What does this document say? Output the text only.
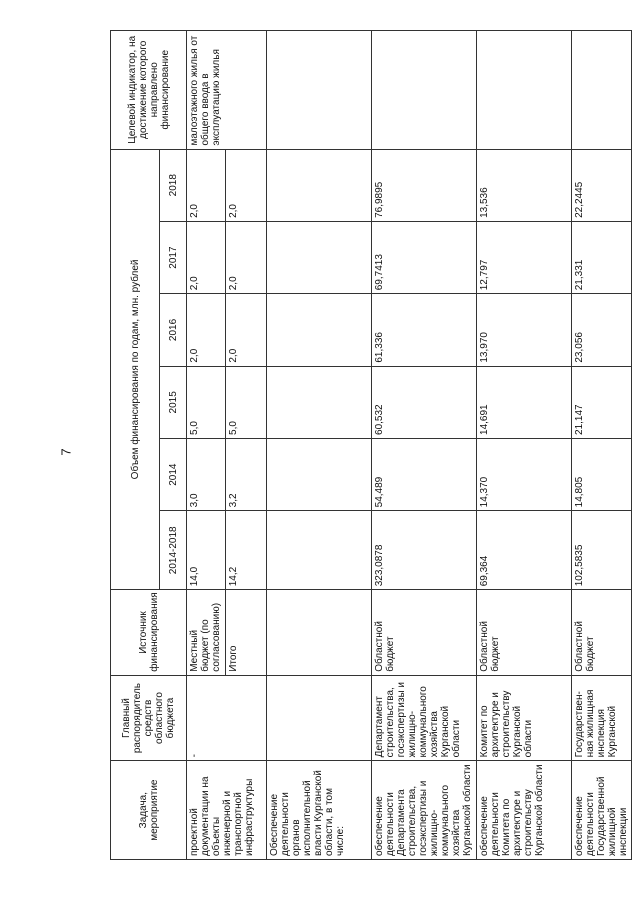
7
Задача, мероприятие	Главный распорядитель средств областного бюджета	Источник финансирования	Объем финансирования по годам, млн. рублей						Целевой индикатор, на достижение которого направлено финансирование
			2014-2018	2014	2015	2016	2017	2018	
проектной документации на объекты инженерной и транспортной инфраструктуры	-	Местный бюджет (по согласованию)	14,0	3,0	5,0	2,0	2,0	2,0	малоэтажного жилья от общего ввода в эксплуатацию жилья
		Итого	14,2	3,2	5,0	2,0	2,0	2,0	
Обеспечение деятельности органов исполнительной власти Курганской области, в том числе:									
обеспечение деятельности Департамента строительства, госэкспертизы и жилищно-коммунального хозяйства Курганской области	Департамент строительства, госэкспертизы и жилищно-коммунального хозяйства Курганской области	Областной бюджет	323,0878	54,489	60,532	61,336	69,7413	76,9895	
обеспечение деятельности Комитета по архитектуре и строительству Курганской области	Комитет по архитектуре и строительству Курганской области	Областной бюджет	69,364	14,370	14,691	13,970	12,797	13,536	
обеспечение деятельности Государственной жилищной инспекции	Государствен-ная жилищная инспекция Курганской	Областной бюджет	102,5835	14,805	21,147	23,056	21,331	22,2445	
